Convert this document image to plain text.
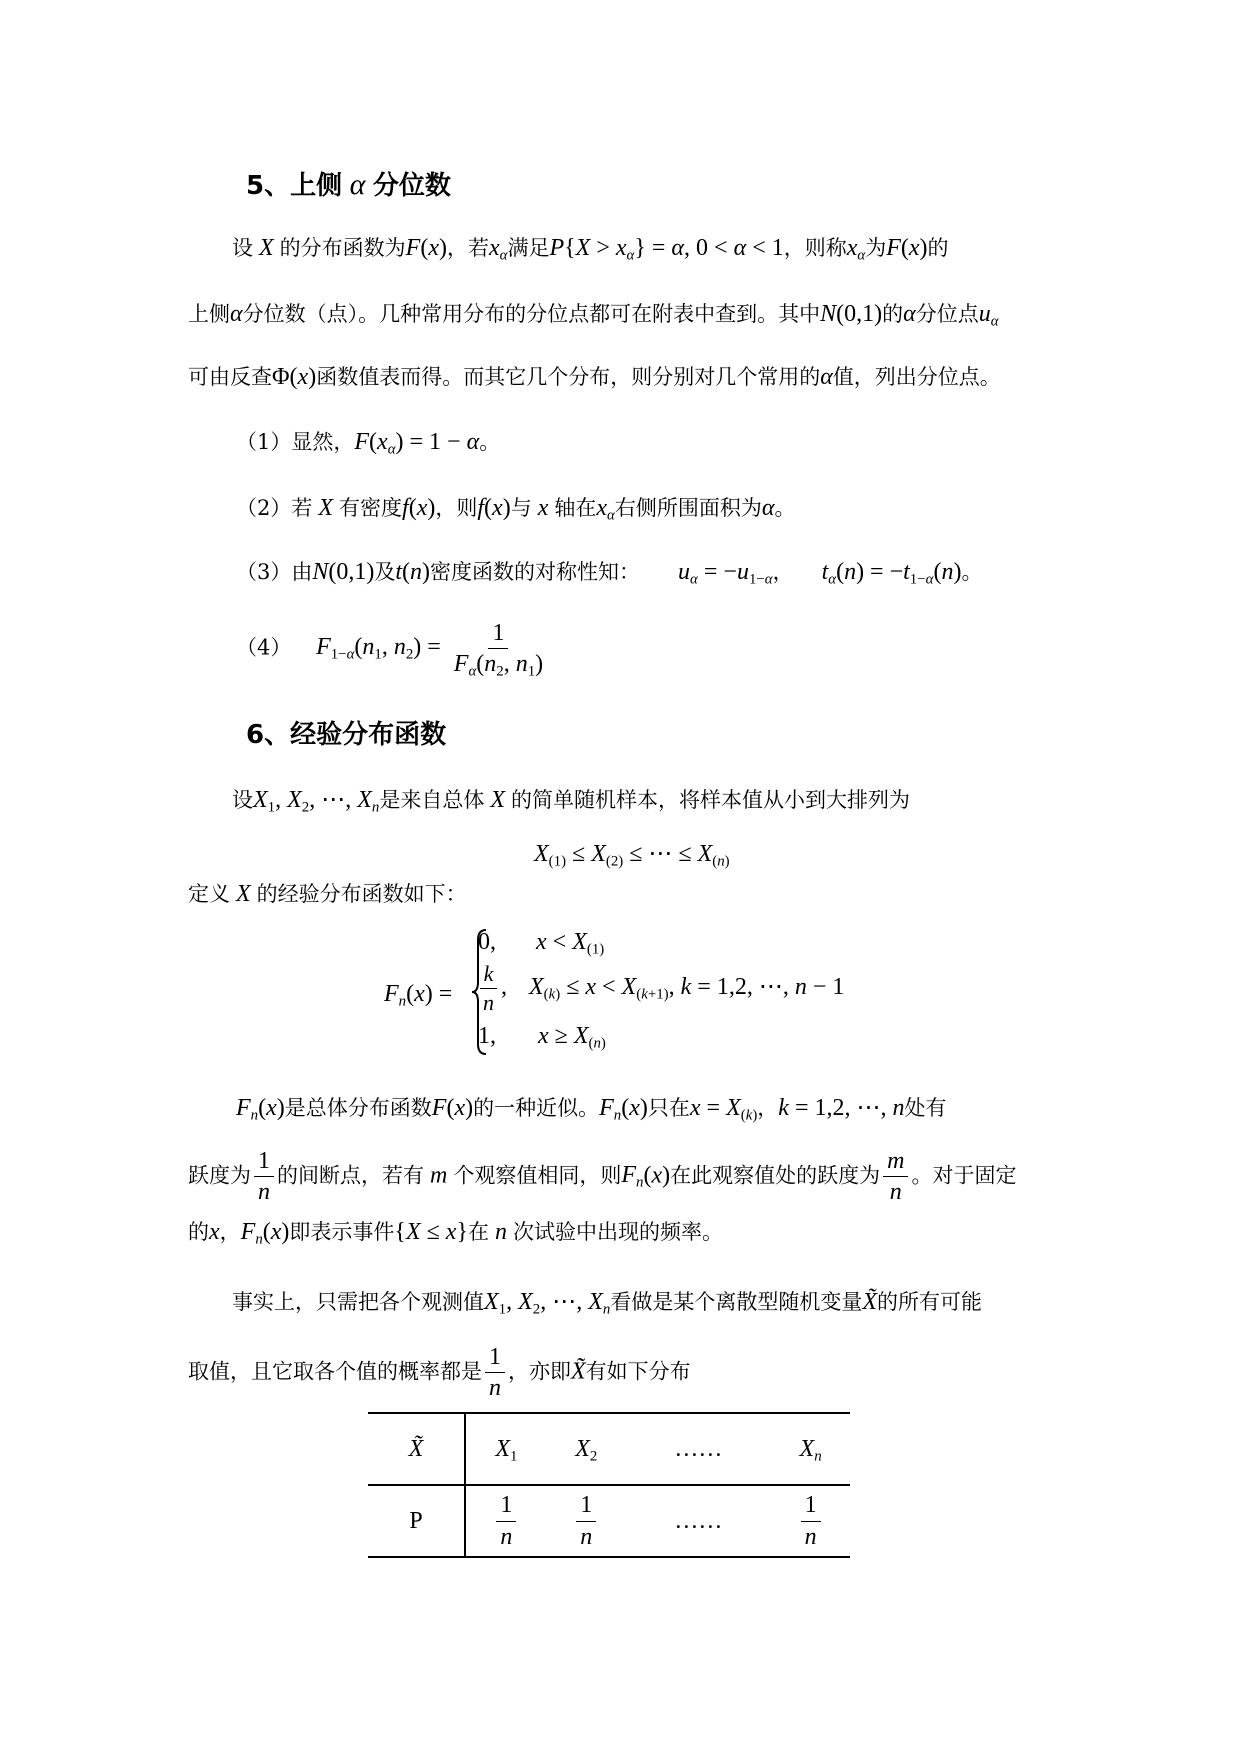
5、上侧 α 分位数
设 X 的分布函数为F(x)，若$x_\alpha$满足$P\{X > x_\alpha\} = \alpha$, 0 < α < 1，则称$x_\alpha$为F(x)的
上侧α分位数（点）。几种常用分布的分位点都可在附表中查到。其中N(0,1)的α分位点$u_\alpha$
可由反查Φ(x)函数值表而得。而其它几个分布，则分别对几个常用的α值，列出分位点。
（1）显然，$F(x_\alpha) = 1 - \alpha$。
（2）若 X 有密度f(x)，则f(x)与 x 轴在$x_\alpha$右侧所围面积为α。
（3）由N(0,1)及t(n)密度函数的对称性知： $u_\alpha = -u_{1-\alpha}$， $t_\alpha(n) = -t_{1-\alpha}(n)$。
（4） $F_{1-\alpha}(n_1$, $n_2) = \frac{1}{F_\alpha(n_2, n_1)}$
6、经验分布函数
设$X_1$, $X_2$, ⋯, $X_n$是来自总体 X 的简单随机样本，将样本值从小到大排列为
$X_{(1)} \le X_{(2)}$ ≤ ⋯ ≤ $X_{(n)}$
定义 X 的经验分布函数如下：
$F_n(x)$ =
0, $x < X_{(1)}$
$\frac{k}{n}$ , $X_{(k)} \le x < X_{(k+1)}$, k = 1,2, ⋯, n − 1
1, $x \ge X_{(n)}$
$F_n(x)$是总体分布函数F(x)的一种近似。$F_n(x)$只在$x = X_{(k)}$，k = 1,2, ⋯, n处有
跃度为 $\frac{1}{n}$ 的间断点，若有 m 个观察值相同，则$F_n(x)$在此观察值处的跃度为 $\frac{m}{n}$ 。对于固定
的x，$F_n(x)$即表示事件{X ≤ x}在 n 次试验中出现的频率。
事实上，只需把各个观测值$X_1$, $X_2$, ⋯, $X_n$看做是某个离散型随机变量X̃的所有可能
取值，且它取各个值的概率都是 $\frac{1}{n}$ ，亦即X̃有如下分布
X̃	$X_1$	$X_2$	……	$X_n$
P	$\frac{1}{n}$	$\frac{1}{n}$	……	$\frac{1}{n}$
